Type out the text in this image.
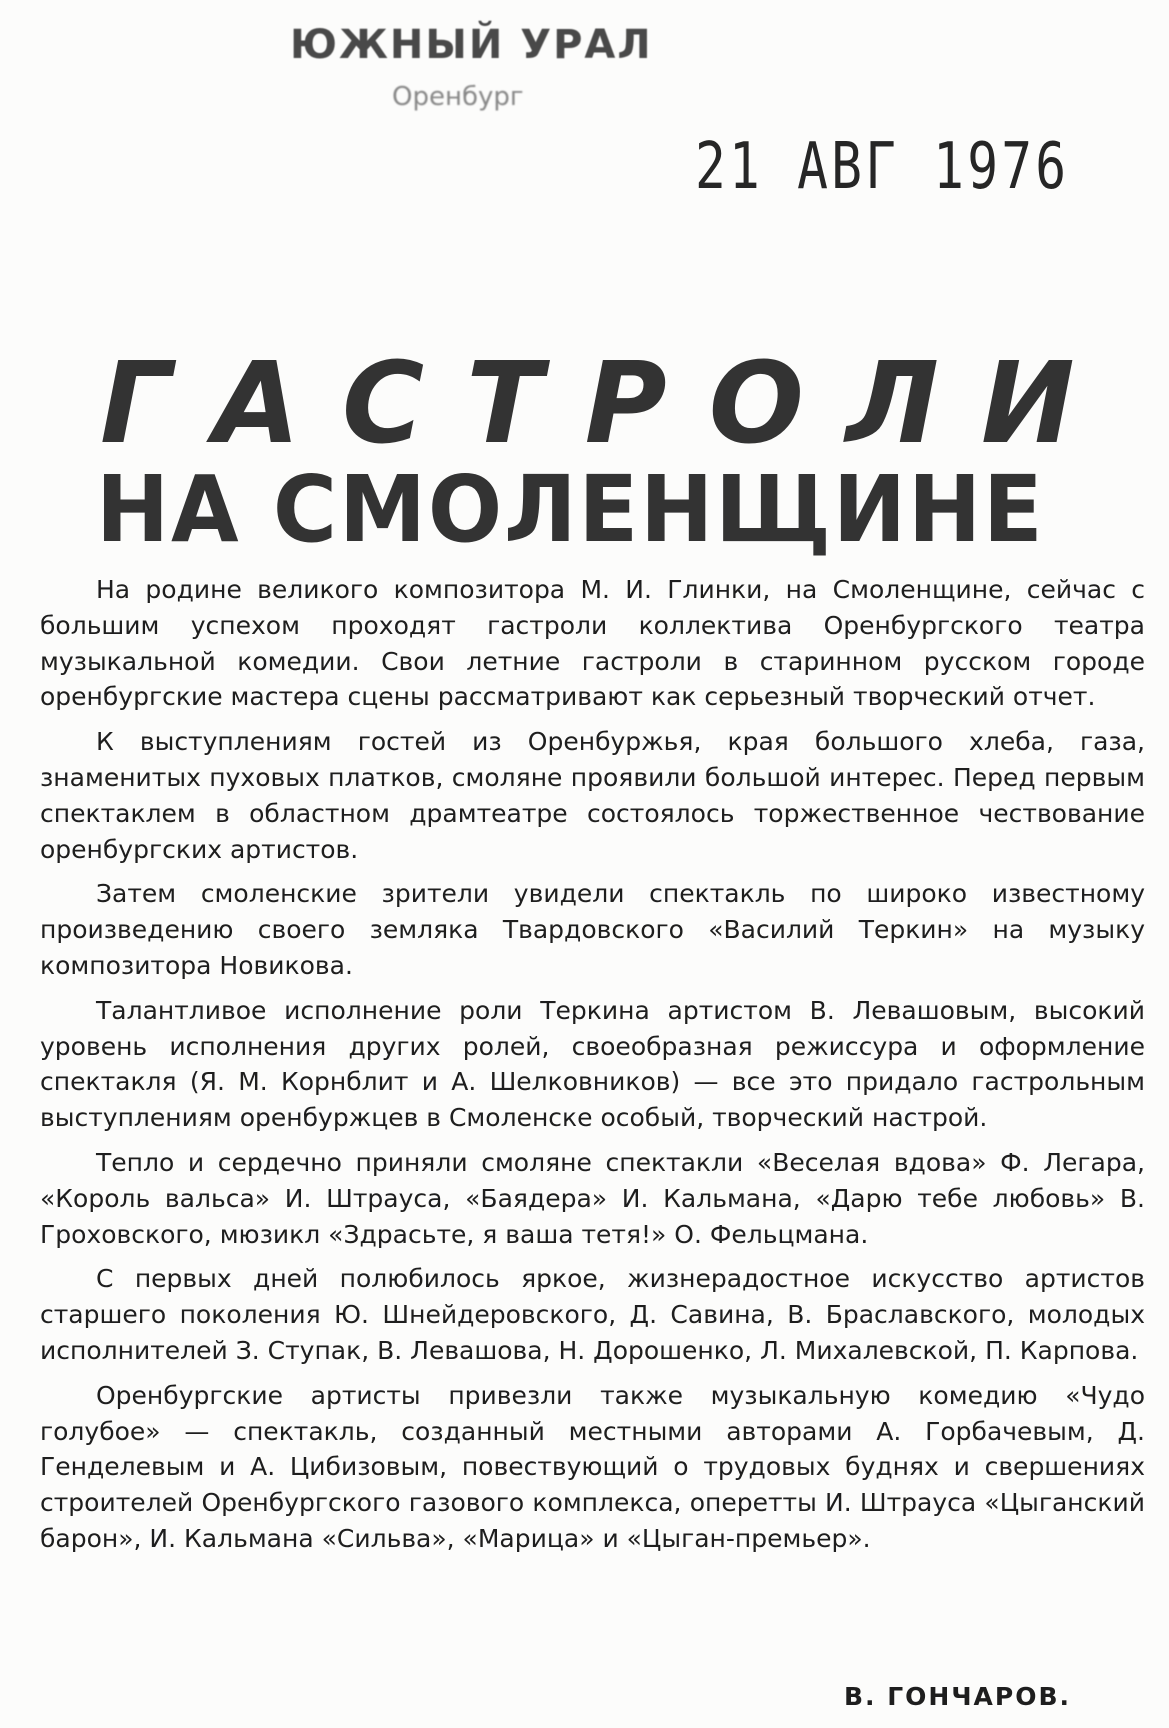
ЮЖНЫЙ УРАЛ
Оренбург
21 АВГ 1976
ГАСТРОЛИ
НА СМОЛЕНЩИНЕ

На родине великого композитора М. И. Глинки, на Смоленщине, сейчас с большим успехом проходят гастроли коллектива Оренбургского театра музыкальной комедии. Свои летние гастроли в старинном русском городе оренбургские мастера сцены рассматривают как серьезный творческий отчет.

К выступлениям гостей из Оренбуржья, края большого хлеба, газа, знаменитых пуховых платков, смоляне проявили большой интерес. Перед первым спектаклем в областном драмтеатре состоялось торжественное чествование оренбургских артистов.

Затем смоленские зрители увидели спектакль по широко известному произведению своего земляка Твардовского «Василий Теркин» на музыку композитора Новикова.

Талантливое исполнение роли Теркина артистом В. Левашовым, высокий уровень исполнения других ролей, своеобразная режиссура и оформление спектакля (Я. М. Корнблит и А. Шелковников) — все это придало гастрольным выступлениям оренбуржцев в Смоленске особый, творческий настрой.

Тепло и сердечно приняли смоляне спектакли «Веселая вдова» Ф. Легара, «Король вальса» И. Штрауса, «Баядера» И. Кальмана, «Дарю тебе любовь» В. Гроховского, мюзикл «Здрасьте, я ваша тетя!» О. Фельцмана.

С первых дней полюбилось яркое, жизнерадостное искусство артистов старшего поколения Ю. Шнейдеровского, Д. Савина, В. Браславского, молодых исполнителей З. Ступак, В. Левашова, Н. Дорошенко, Л. Михалевской, П. Карпова.

Оренбургские артисты привезли также музыкальную комедию «Чудо голубое» — спектакль, созданный местными авторами А. Горбачевым, Д. Генделевым и А. Цибизовым, повествующий о трудовых буднях и свершениях строителей Оренбургского газового комплекса, оперетты И. Штрауса «Цыганский барон», И. Кальмана «Сильва», «Марица» и «Цыган-премьер».

В. ГОНЧАРОВ.
